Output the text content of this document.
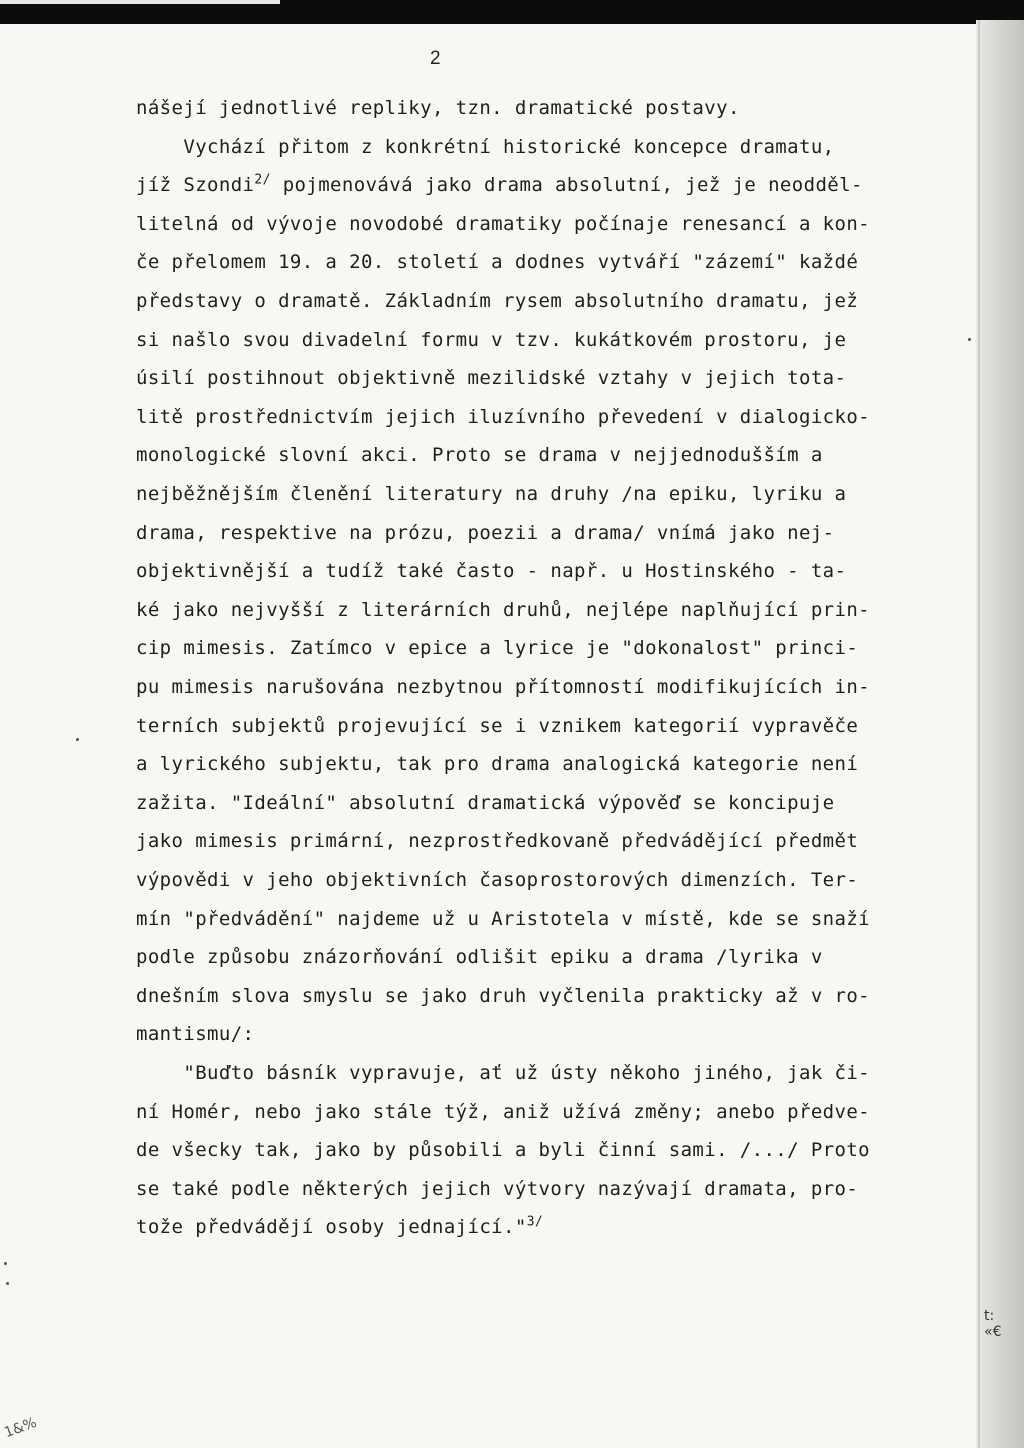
2
nášejí jednotlivé repliky, tzn. dramatické postavy.
Vychází přitom z konkrétní historické koncepce dramatu,
jíž Szondi$^{2/}$ pojmenovává jako drama absolutní, jež je neodděl-
litelná od vývoje novodobé dramatiky počínaje renesancí a kon-
če přelomem 19. a 20. století a dodnes vytváří "zázemí" každé
představy o dramatě. Základním rysem absolutního dramatu, jež
si našlo svou divadelní formu v tzv. kukátkovém prostoru, je
úsilí postihnout objektivně mezilidské vztahy v jejich tota-
litě prostřednictvím jejich iluzívního převedení v dialogicko-
monologické slovní akci. Proto se drama v nejjednodušším a
nejběžnějším členění literatury na druhy /na epiku, lyriku a
drama, respektive na prózu, poezii a drama/ vnímá jako nej-
objektivnější a tudíž také často - např. u Hostinského - ta-
ké jako nejvyšší z literárních druhů, nejlépe naplňující prin-
cip mimesis. Zatímco v epice a lyrice je "dokonalost" princi-
pu mimesis narušována nezbytnou přítomností modifikujících in-
terních subjektů projevující se i vznikem kategorií vypravěče
a lyrického subjektu, tak pro drama analogická kategorie není
zažita. "Ideální" absolutní dramatická výpověď se koncipuje
jako mimesis primární, nezprostředkovaně předvádějící předmět
výpovědi v jeho objektivních časoprostorových dimenzích. Ter-
mín "předvádění" najdeme už u Aristotela v místě, kde se snaží
podle způsobu znázorňování odlišit epiku a drama /lyrika v
dnešním slova smyslu se jako druh vyčlenila prakticky až v ro-
mantismu/:
"Buďto básník vypravuje, ať už ústy někoho jiného, jak či-
ní Homér, nebo jako stále týž, aniž užívá změny; anebo předve-
de všecky tak, jako by působili a byli činní sami. /.../ Proto
se také podle některých jejich výtvory nazývají dramata, pro-
tože předvádějí osoby jednající."$^{3/}$
1&%
t:
«€
